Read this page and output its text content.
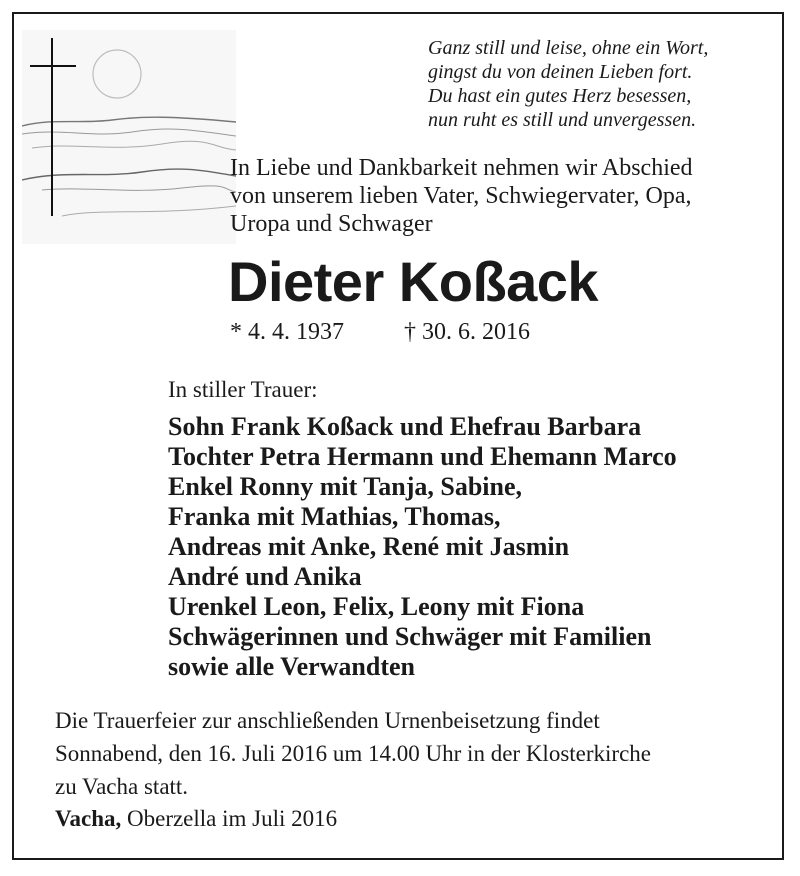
Ganz still und leise, ohne ein Wort,
gingst du von deinen Lieben fort.
Du hast ein gutes Herz besessen,
nun ruht es still und unvergessen.
In Liebe und Dankbarkeit nehmen wir Abschied
von unserem lieben Vater, Schwiegervater, Opa,
Uropa und Schwager
Dieter Koßack
* 4. 4. 1937	† 30. 6. 2016
In stiller Trauer:
Sohn Frank Koßack und Ehefrau Barbara
Tochter Petra Hermann und Ehemann Marco
Enkel Ronny mit Tanja, Sabine,
Franka mit Mathias, Thomas,
Andreas mit Anke, René mit Jasmin
André und Anika
Urenkel Leon, Felix, Leony mit Fiona
Schwägerinnen und Schwäger mit Familien
sowie alle Verwandten
Die Trauerfeier zur anschließenden Urnenbeisetzung findet
Sonnabend, den 16. Juli 2016 um 14.00 Uhr in der Klosterkirche
zu Vacha statt.
Vacha, Oberzella im Juli 2016
